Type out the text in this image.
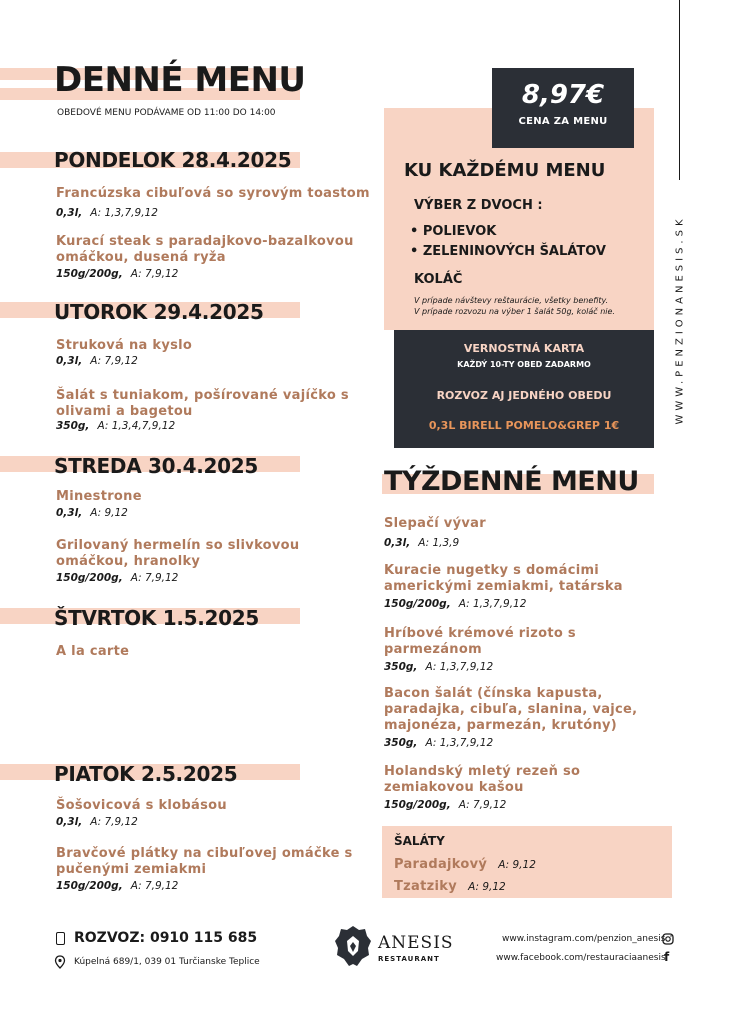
DENNÉ MENU
OBEDOVÉ MENU PODÁVAME OD 11:00 DO 14:00
PONDELOK 28.4.2025
Francúzska cibuľová so syrovým toastom
0,3l, A: 1,3,7,9,12
Kurací steak s paradajkovo-bazalkovou omáčkou, dusená ryža
150g/200g, A: 7,9,12
UTOROK 29.4.2025
Struková na kyslo
0,3l, A: 7,9,12
Šalát s tuniakom, pošírované vajíčko s olivami a bagetou
350g, A: 1,3,4,7,9,12
STREDA 30.4.2025
Minestrone
0,3l, A: 9,12
Grilovaný hermelín so slivkovou omáčkou, hranolky
150g/200g, A: 7,9,12
ŠTVRTOK 1.5.2025
A la carte
PIATOK 2.5.2025
Šošovicová s klobásou
0,3l, A: 7,9,12
Bravčové plátky na cibuľovej omáčke s pučenými zemiakmi
150g/200g, A: 7,9,12
KU KAŽDÉMU MENU
VÝBER Z DVOCH :
• POLIEVOK
• ZELENINOVÝCH ŠALÁTOV
KOLÁČ
V prípade návštevy reštaurácie, všetky benefity.
V prípade rozvozu na výber 1 šalát 50g, koláč nie.
8,97€
CENA ZA MENU
VERNOSTNÁ KARTA
KAŽDÝ 10-TY OBED ZADARMO
ROZVOZ AJ JEDNÉHO OBEDU
0,3L BIRELL POMELO&GREP 1€
WWW.PENZIONANESIS.SK
TÝŽDENNÉ MENU
Slepačí vývar
0,3l, A: 1,3,9
Kuracie nugetky s domácimi americkými zemiakmi, tatárska
150g/200g, A: 1,3,7,9,12
Hríbové krémové rizoto s parmezánom
350g, A: 1,3,7,9,12
Bacon šalát (čínska kapusta, paradajka, cibuľa, slanina, vajce, majonéza, parmezán, krutóny)
350g, A: 1,3,7,9,12
Holandský mletý rezeň so zemiakovou kašou
150g/200g, A: 7,9,12
ŠALÁTY
Paradajkový A: 9,12
Tzatziky A: 9,12
ROZVOZ: 0910 115 685
Kúpelná 689/1, 039 01 Turčianske Teplice
ANESIS
RESTAURANT
www.instagram.com/penzion_anesis
www.facebook.com/restauraciaanesis
f
